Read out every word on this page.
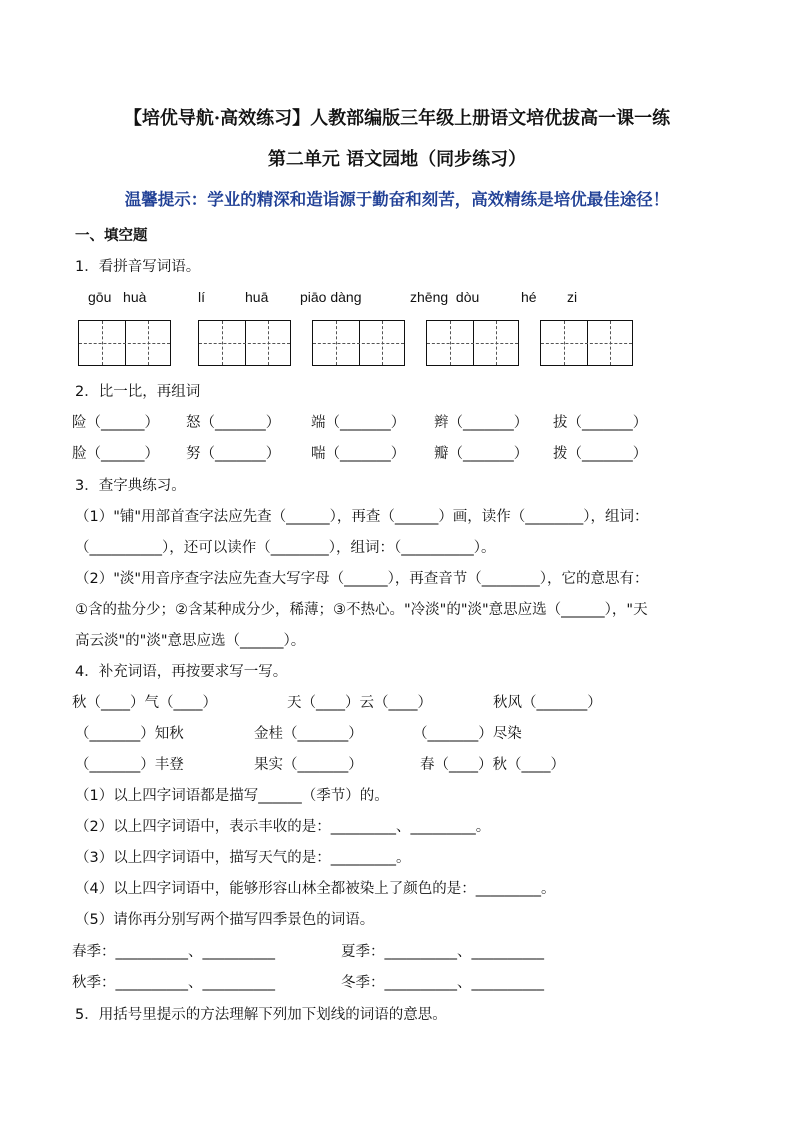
【培优导航·高效练习】人教部编版三年级上册语文培优拔高一课一练
第二单元 语文园地（同步练习）
温馨提示：学业的精深和造诣源于勤奋和刻苦，高效精练是培优最佳途径！
一、填空题
1．看拼音写词语。
gōu   huà	lí	huā piāo dàng	zhēng  dòu	hé zi
2．比一比，再组词
险（______） 怒（_______） 端（_______） 辫（_______） 拔（_______）
脸（______） 努（_______） 喘（_______） 瓣（_______） 拨（_______）
3．查字典练习。
（1）"铺"用部首查字法应先查（______），再查（______）画，读作（________），组词：
（__________），还可以读作（________），组词：（__________）。
（2）"淡"用音序查字法应先查大写字母（______），再查音节（________），它的意思有：
①含的盐分少；②含某种成分少，稀薄；③不热心。"冷淡"的"淡"意思应选（______），"天
高云淡"的"淡"意思应选（______）。
4．补充词语，再按要求写一写。
秋（____）气（____）	天（____）云（____）	秋风（_______）
（_______）知秋	金桂（_______）	（_______）尽染
（_______）丰登	果实（_______）	春（____）秋（____）
（1）以上四字词语都是描写______（季节）的。
（2）以上四字词语中，表示丰收的是：_________、_________。
（3）以上四字词语中，描写天气的是：_________。
（4）以上四字词语中，能够形容山林全都被染上了颜色的是：_________。
（5）请你再分别写两个描写四季景色的词语。
春季：__________、__________	夏季：__________、__________
秋季：__________、__________	冬季：__________、__________
5．用括号里提示的方法理解下列加下划线的词语的意思。
